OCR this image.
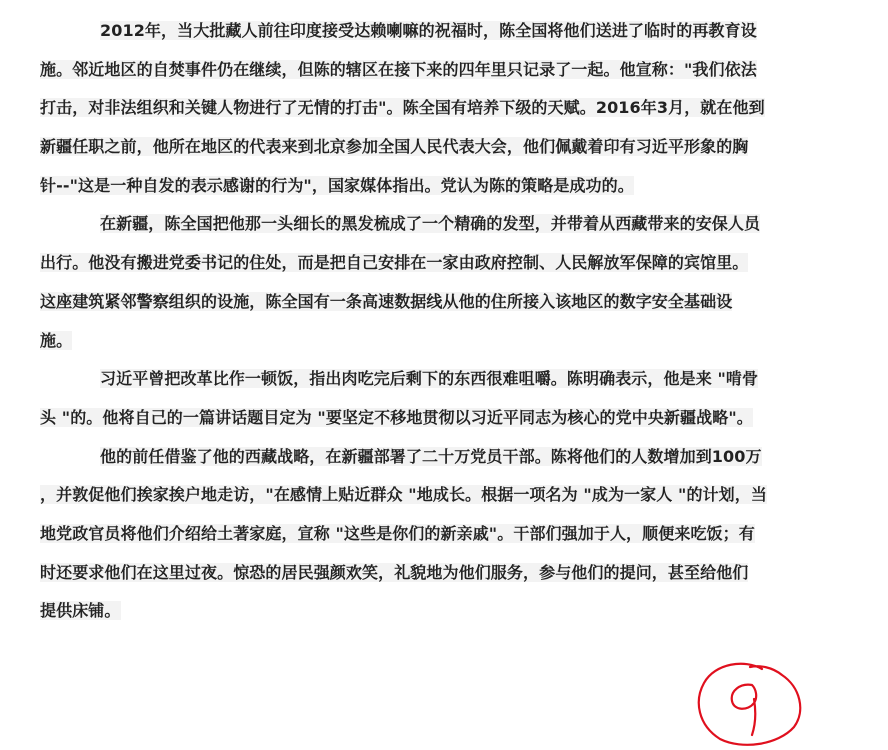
2012年，当大批藏人前往印度接受达赖喇嘛的祝福时，陈全国将他们送进了临时的再教育设
施。邻近地区的自焚事件仍在继续，但陈的辖区在接下来的四年里只记录了一起。他宣称："我们依法
打击，对非法组织和关键人物进行了无情的打击"。陈全国有培养下级的天赋。2016年3月，就在他到
新疆任职之前，他所在地区的代表来到北京参加全国人民代表大会，他们佩戴着印有习近平形象的胸
针--"这是一种自发的表示感谢的行为"，国家媒体指出。党认为陈的策略是成功的。
在新疆，陈全国把他那一头细长的黑发梳成了一个精确的发型，并带着从西藏带来的安保人员
出行。他没有搬进党委书记的住处，而是把自己安排在一家由政府控制、人民解放军保障的宾馆里。
这座建筑紧邻警察组织的设施，陈全国有一条高速数据线从他的住所接入该地区的数字安全基础设
施。
习近平曾把改革比作一顿饭，指出肉吃完后剩下的东西很难咀嚼。陈明确表示，他是来 "啃骨
头 "的。他将自己的一篇讲话题目定为 "要坚定不移地贯彻以习近平同志为核心的党中央新疆战略"。
他的前任借鉴了他的西藏战略，在新疆部署了二十万党员干部。陈将他们的人数增加到100万
，并敦促他们挨家挨户地走访，"在感情上贴近群众 "地成长。根据一项名为 "成为一家人 "的计划，当
地党政官员将他们介绍给土著家庭，宣称 "这些是你们的新亲戚"。干部们强加于人，顺便来吃饭；有
时还要求他们在这里过夜。惊恐的居民强颜欢笑，礼貌地为他们服务，参与他们的提问，甚至给他们
提供床铺。
